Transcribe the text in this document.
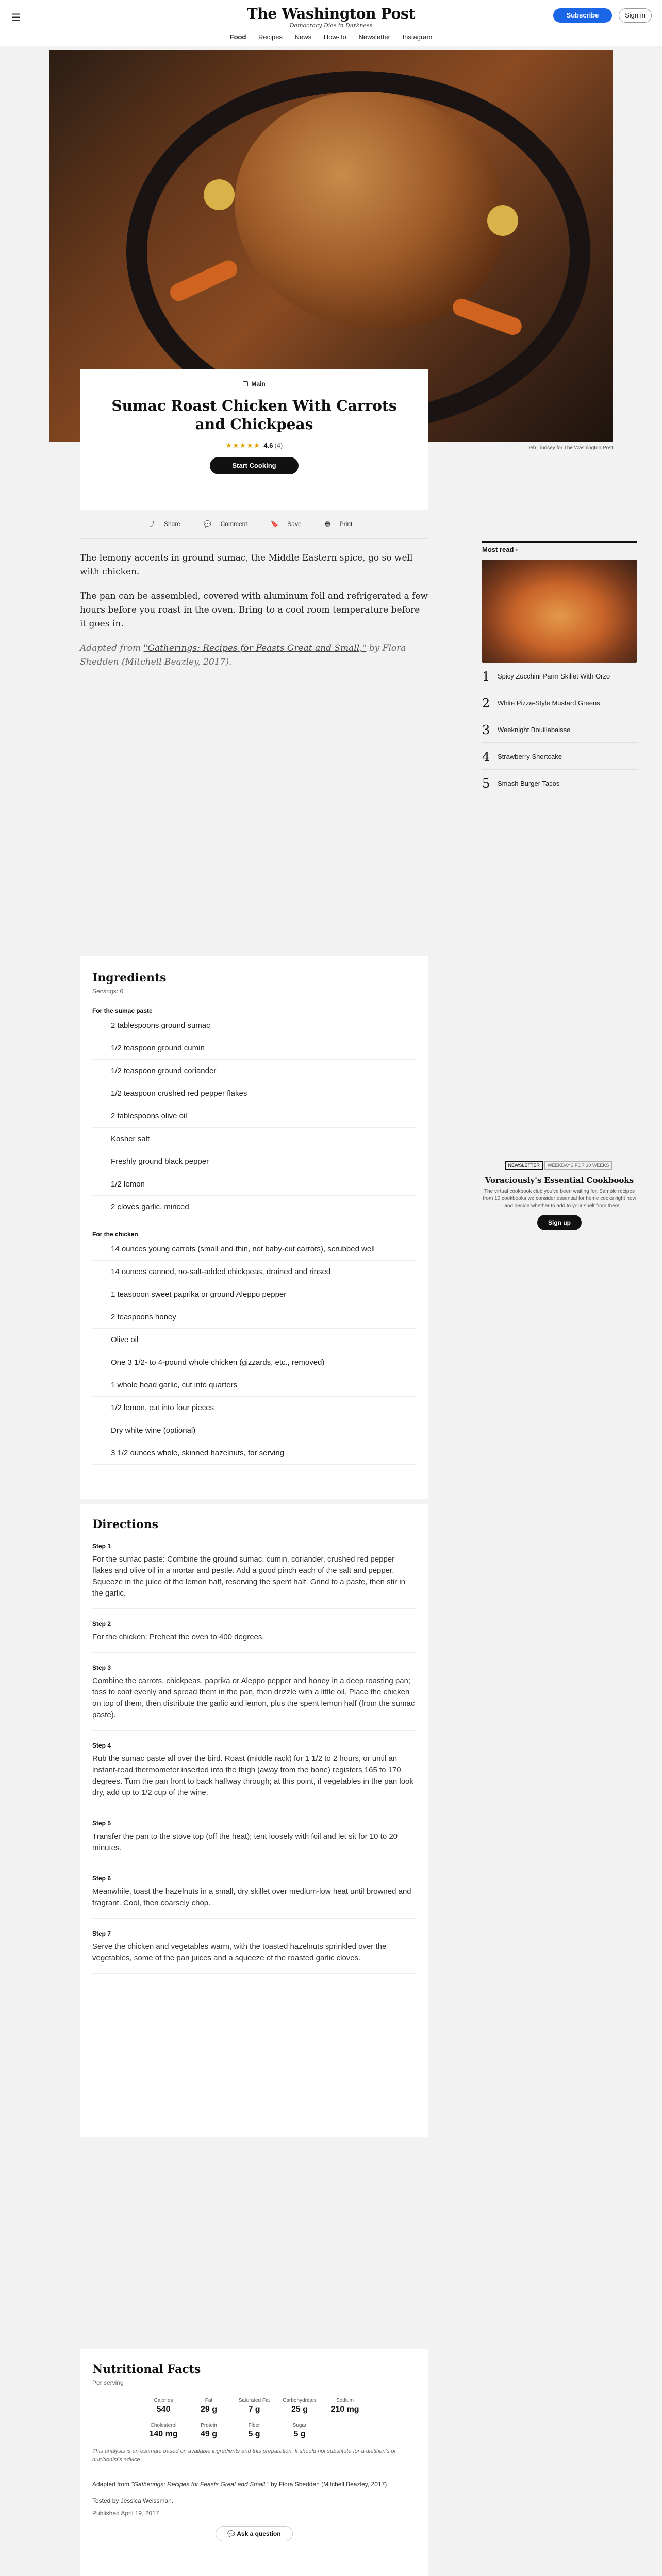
☰	The Washington Post
Democracy Dies in Darkness
Subscribe	Sign in
Food Recipes News How-To Newsletter Instagram
Deb Lindsey for The Washington Post
Main
Sumac Roast Chicken With Carrots and Chickpeas
★★★★★ 4.6 (4)
Start Cooking
⤴ Share	💬 Comment	🔖 Save	🖶 Print

The lemony accents in ground sumac, the Middle Eastern spice, go so well with chicken.

The pan can be assembled, covered with aluminum foil and refrigerated a few hours before you roast in the oven. Bring to a cool room temperature before it goes in.

Adapted from "Gatherings: Recipes for Feasts Great and Small," by Flora Shedden (Mitchell Beazley, 2017).

Most read ›
1	Spicy Zucchini Parm Skillet With Orzo
2	White Pizza-Style Mustard Greens
3	Weeknight Bouillabaisse
4	Strawberry Shortcake
5	Smash Burger Tacos
Ingredients
Servings: 6
For the sumac paste
2 tablespoons ground sumac
1/2 teaspoon ground cumin
1/2 teaspoon ground coriander
1/2 teaspoon crushed red pepper flakes
2 tablespoons olive oil
Kosher salt
Freshly ground black pepper
1/2 lemon
2 cloves garlic, minced
For the chicken
14 ounces young carrots (small and thin, not baby-cut carrots), scrubbed well
14 ounces canned, no-salt-added chickpeas, drained and rinsed
1 teaspoon sweet paprika or ground Aleppo pepper
2 teaspoons honey
Olive oil
One 3 1/2- to 4-pound whole chicken (gizzards, etc., removed)
1 whole head garlic, cut into quarters
1/2 lemon, cut into four pieces
Dry white wine (optional)
3 1/2 ounces whole, skinned hazelnuts, for serving
NEWSLETTER WEEKDAYS FOR 10 WEEKS
Voraciously's Essential Cookbooks

The virtual cookbook club you've been waiting for. Sample recipes from 10 cookbooks we consider essential for home cooks right now — and decide whether to add to your shelf from there.

Sign up
Directions
Step 1

For the sumac paste: Combine the ground sumac, cumin, coriander, crushed red pepper flakes and olive oil in a mortar and pestle. Add a good pinch each of the salt and pepper. Squeeze in the juice of the lemon half, reserving the spent half. Grind to a paste, then stir in the garlic.

Step 2

For the chicken: Preheat the oven to 400 degrees.

Step 3

Combine the carrots, chickpeas, paprika or Aleppo pepper and honey in a deep roasting pan; toss to coat evenly and spread them in the pan, then drizzle with a little oil. Place the chicken on top of them, then distribute the garlic and lemon, plus the spent lemon half (from the sumac paste).

Step 4

Rub the sumac paste all over the bird. Roast (middle rack) for 1 1/2 to 2 hours, or until an instant-read thermometer inserted into the thigh (away from the bone) registers 165 to 170 degrees. Turn the pan front to back halfway through; at this point, if vegetables in the pan look dry, add up to 1/2 cup of the wine.

Step 5

Transfer the pan to the stove top (off the heat); tent loosely with foil and let sit for 10 to 20 minutes.

Step 6

Meanwhile, toast the hazelnuts in a small, dry skillet over medium-low heat until browned and fragrant. Cool, then coarsely chop.

Step 7

Serve the chicken and vegetables warm, with the toasted hazelnuts sprinkled over the vegetables, some of the pan juices and a squeeze of the roasted garlic cloves.

Nutritional Facts
Per serving
Calories
540
Fat
29 g
Saturated Fat
7 g
Carbohydrates
25 g
Sodium
210 mg
Cholesterol
140 mg
Protein
49 g
Fiber
5 g
Sugar
5 g
This analysis is an estimate based on available ingredients and this preparation. It should not substitute for a dietitian's or nutritionist's advice.
Adapted from "Gatherings: Recipes for Feasts Great and Small," by Flora Shedden (Mitchell Beazley, 2017).
Tested by Jessica Weissman.
Published April 19, 2017
💬 Ask a question
